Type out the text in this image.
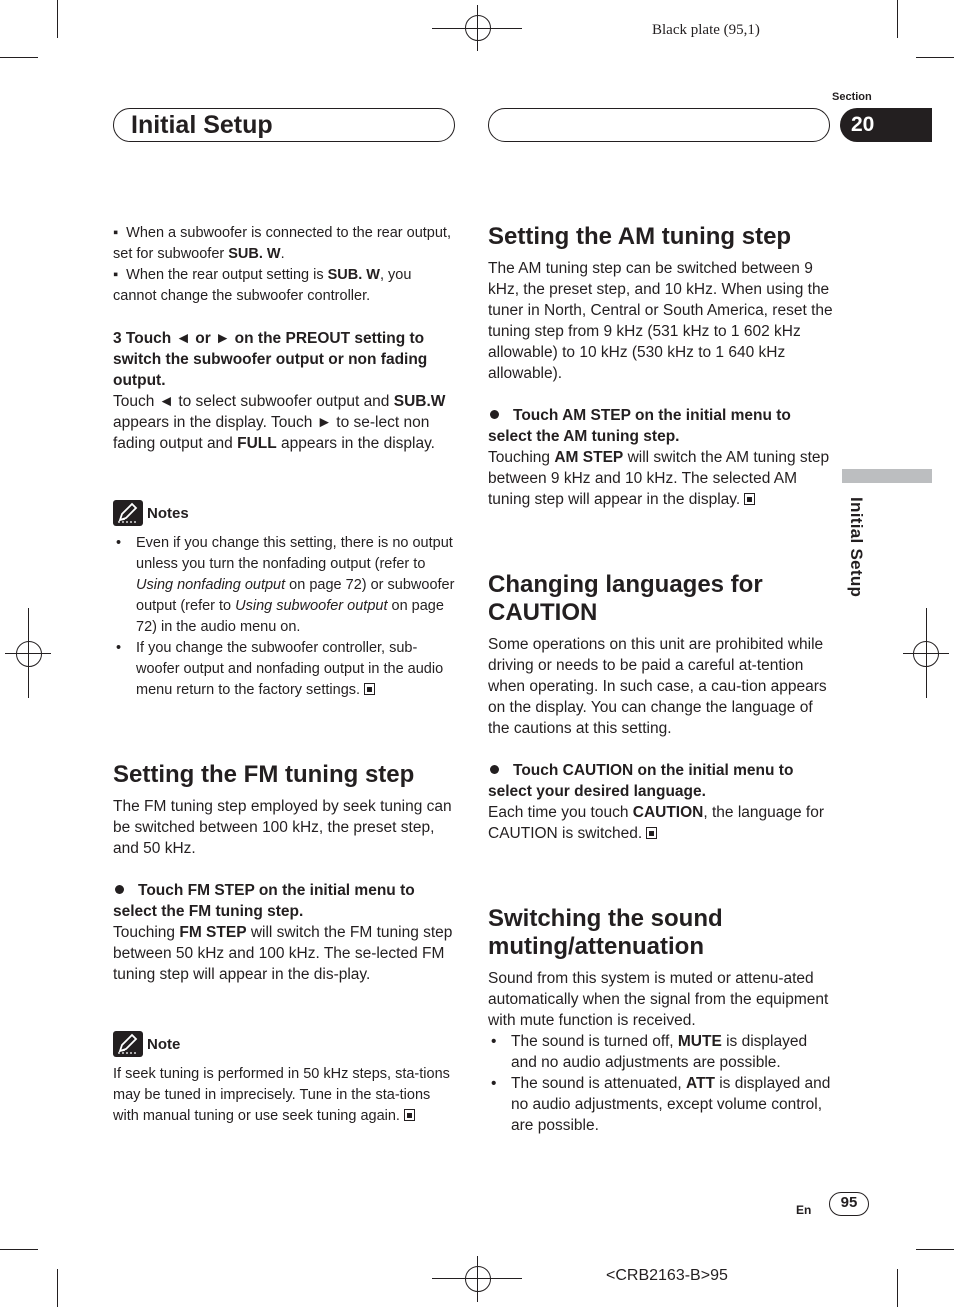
Black plate (95,1)
Initial Setup
Section
20
Initial Setup

▪ When a subwoofer is connected to the rear output, set for subwoofer SUB. W.

▪ When the rear output setting is SUB. W, you cannot change the subwoofer controller.

3 Touch ◄ or ► on the PREOUT setting to switch the subwoofer output or non fading output.

Touch ◄ to select subwoofer output and SUB.W appears in the display. Touch ► to se-lect non fading output and FULL appears in the display.

Notes
• Even if you change this setting, there is no output unless you turn the nonfading output (refer to Using nonfading output on page 72) or subwoofer output (refer to Using subwoofer output on page 72) in the audio menu on.
• If you change the subwoofer controller, sub-woofer output and nonfading output in the audio menu return to the factory settings.
Setting the FM tuning step

The FM tuning step employed by seek tuning can be switched between 100 kHz, the preset step, and 50 kHz.

Touch FM STEP on the initial menu to select the FM tuning step.

Touching FM STEP will switch the FM tuning step between 50 kHz and 100 kHz. The se-lected FM tuning step will appear in the dis-play.

Note

If seek tuning is performed in 50 kHz steps, sta-tions may be tuned in imprecisely. Tune in the sta-tions with manual tuning or use seek tuning again.

Setting the AM tuning step

The AM tuning step can be switched between 9 kHz, the preset step, and 10 kHz. When using the tuner in North, Central or South America, reset the tuning step from 9 kHz (531 kHz to 1 602 kHz allowable) to 10 kHz (530 kHz to 1 640 kHz allowable).

Touch AM STEP on the initial menu to select the AM tuning step.

Touching AM STEP will switch the AM tuning step between 9 kHz and 10 kHz. The selected AM tuning step will appear in the display.

Changing languages for CAUTION

Some operations on this unit are prohibited while driving or needs to be paid a careful at-tention when operating. In such case, a cau-tion appears on the display. You can change the language of the cautions at this setting.

Touch CAUTION on the initial menu to select your desired language.

Each time you touch CAUTION, the language for CAUTION is switched.

Switching the sound muting/attenuation

Sound from this system is muted or attenu-ated automatically when the signal from the equipment with mute function is received.

• The sound is turned off, MUTE is displayed and no audio adjustments are possible.
• The sound is attenuated, ATT is displayed and no audio adjustments, except volume control, are possible.
En	95
<CRB2163-B>95
